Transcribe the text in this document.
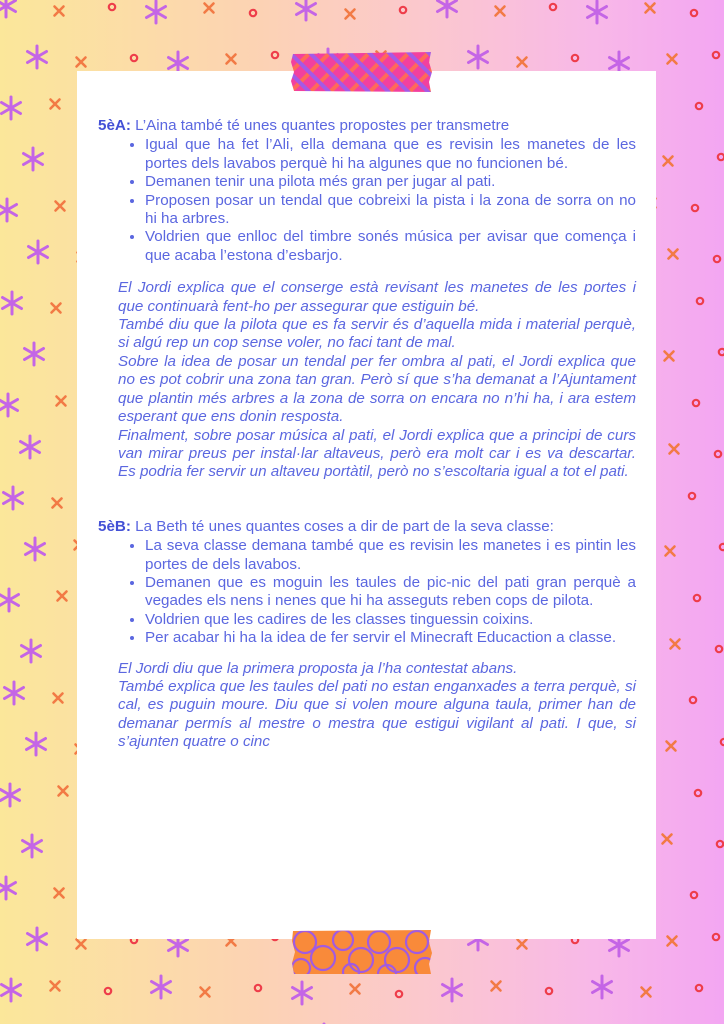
5èA: L’Aina també té unes quantes propostes per transmetre

• Igual que ha fet l’Ali, ella demana que es revisin les manetes de les portes dels lavabos perquè hi ha algunes que no funcionen bé.
• Demanen tenir una pilota més gran per jugar al pati.
• Proposen posar un tendal que cobreixi la pista i la zona de sorra on no hi ha arbres.
• Voldrien que enlloc del timbre sonés música per avisar que comença i que acaba l’estona d’esbarjo.

El Jordi explica que el conserge està revisant les manetes de les portes i que continuarà fent-ho per assegurar que estiguin bé.

També diu que la pilota que es fa servir és d’aquella mida i material perquè, si algú rep un cop sense voler, no faci tant de mal.

Sobre la idea de posar un tendal per fer ombra al pati, el Jordi explica que no es pot cobrir una zona tan gran. Però sí que s’ha demanat a l’Ajuntament que plantin més arbres a la zona de sorra on encara no n’hi ha, i ara estem esperant que ens donin resposta.

Finalment, sobre posar música al pati, el Jordi explica que a principi de curs van mirar preus per instal·lar altaveus, però era molt car i es va descartar. Es podria fer servir un altaveu portàtil, però no s’escoltaria igual a tot el pati.

5èB: La Beth té unes quantes coses a dir de part de la seva classe:

• La seva classe demana també que es revisin les manetes i es pintin les portes de dels lavabos.
• Demanen que es moguin les taules de pic-nic del pati gran perquè a vegades els nens i nenes que hi ha asseguts reben cops de pilota.
• Voldrien que les cadires de les classes tinguessin coixins.
• Per acabar hi ha la idea de fer servir el Minecraft Educaction a classe.

El Jordi diu que la primera proposta ja l’ha contestat abans.

També explica que les taules del pati no estan enganxades a terra perquè, si cal, es puguin moure. Diu que si volen moure alguna taula, primer han de demanar permís al mestre o mestra que estigui vigilant al pati. I que, si s’ajunten quatre o cinc
